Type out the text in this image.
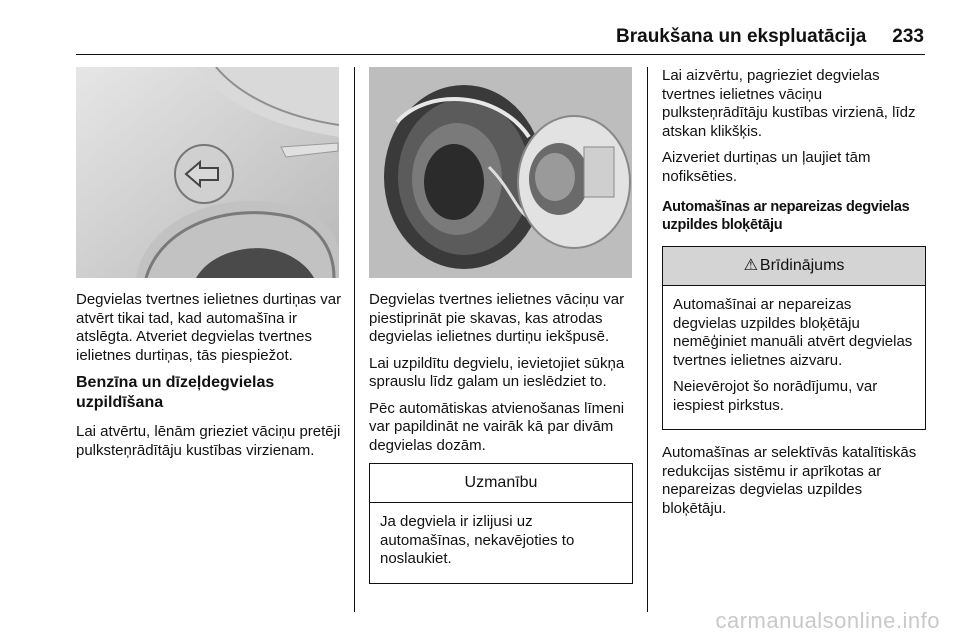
Braukšana un ekspluatācija 233

Degvielas tvertnes ielietnes durtiņas var atvērt tikai tad, kad automašīna ir atslēgta. Atveriet degvielas tvertnes ielietnes durtiņas, tās piespiežot.

Benzīna un dīzeļdegvielas uzpildīšana

Lai atvērtu, lēnām grieziet vāciņu pretēji pulksteņrādītāju kustības virzienam.

Degvielas tvertnes ielietnes vāciņu var piestiprināt pie skavas, kas atrodas degvielas ielietnes durtiņu iekšpusē.

Lai uzpildītu degvielu, ievietojiet sūkņa sprauslu līdz galam un ieslēdziet to.

Pēc automātiskas atvienošanas līmeni var papildināt ne vairāk kā par divām degvielas dozām.

Uzmanību

Ja degviela ir izlijusi uz automašīnas, nekavējoties to noslaukiet.

Lai aizvērtu, pagrieziet degvielas tvertnes ielietnes vāciņu pulksteņrādītāju kustības virzienā, līdz atskan klikšķis.

Aizveriet durtiņas un ļaujiet tām nofiksēties.

Automašīnas ar nepareizas degvielas uzpildes bloķētāju
⚠ Brīdinājums

Automašīnai ar nepareizas degvielas uzpildes bloķētāju nemēģiniet manuāli atvērt degvielas tvertnes ielietnes aizvaru.

Neievērojot šo norādījumu, var iespiest pirkstus.

Automašīnas ar selektīvās katalītiskās redukcijas sistēmu ir aprīkotas ar nepareizas degvielas uzpildes bloķētāju.

carmanualsonline.info
